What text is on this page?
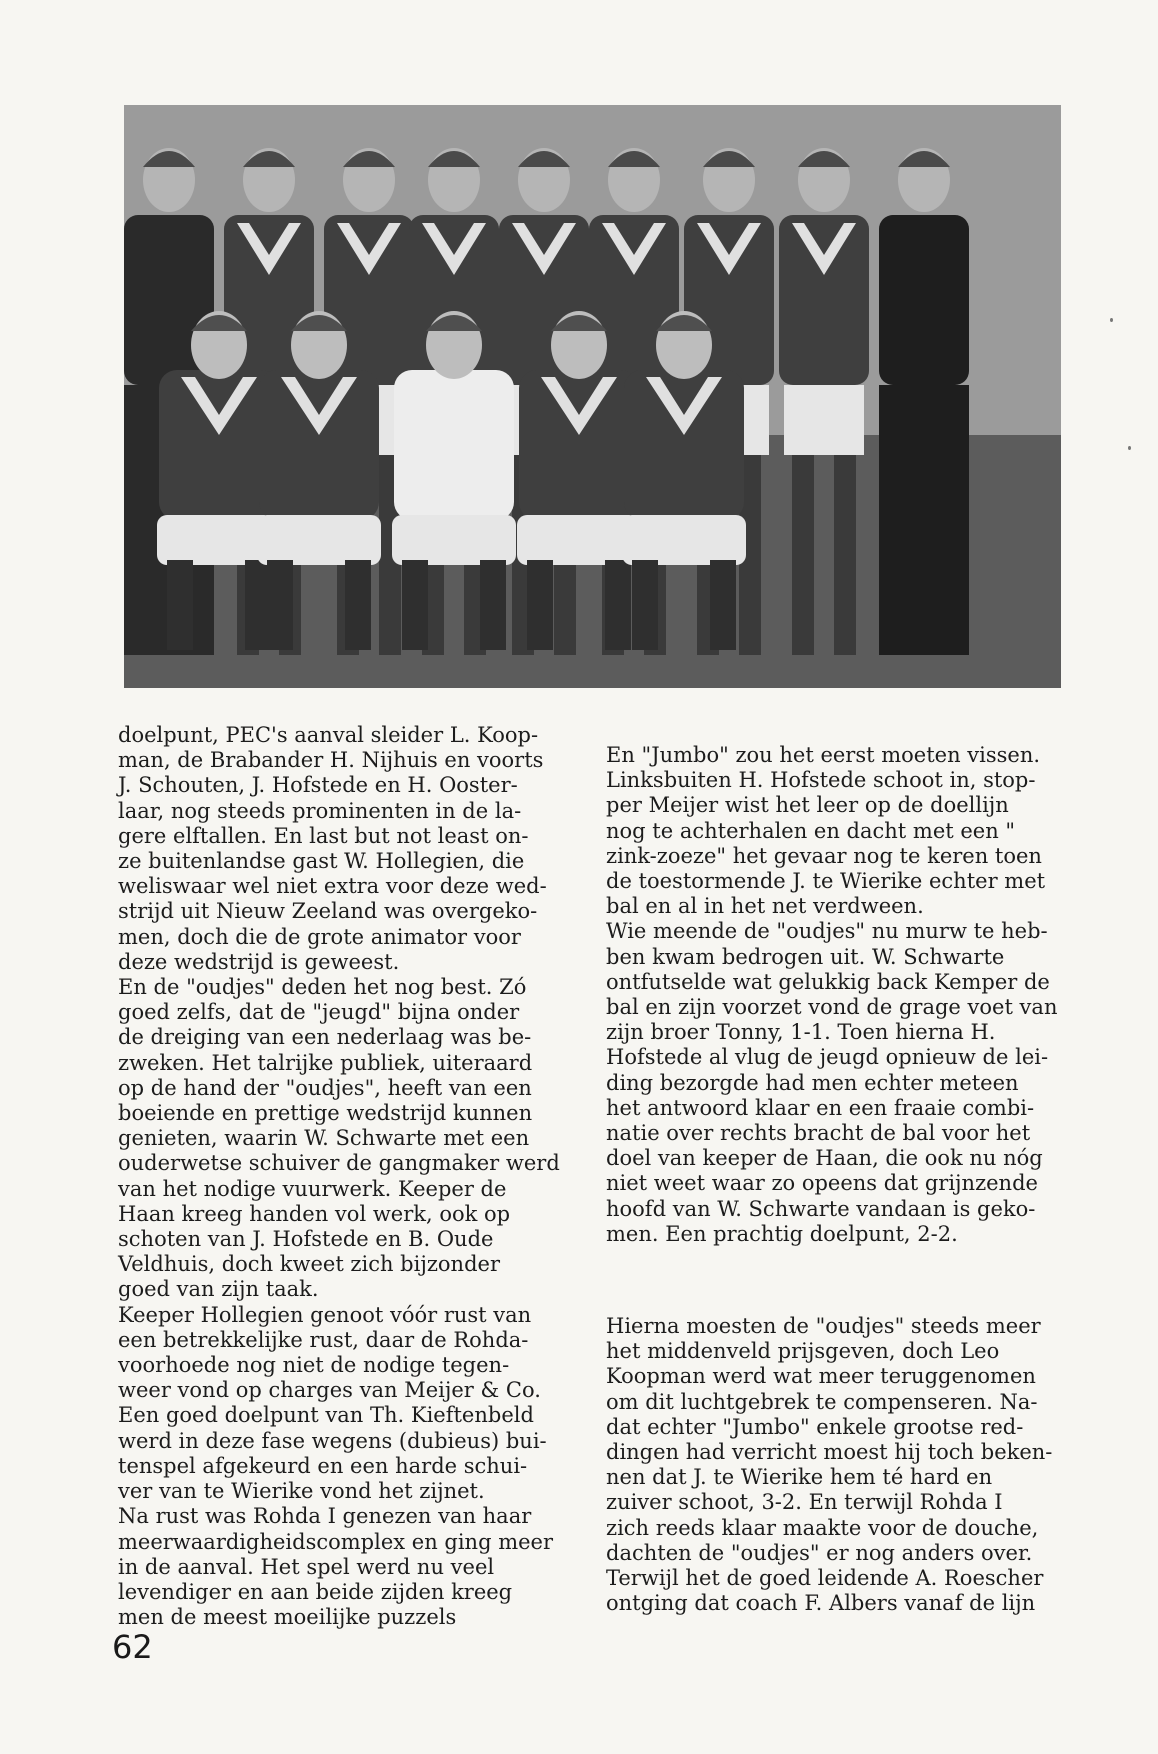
doelpunt, PEC's aanval sleider L. Koop-

man, de Brabander H. Nijhuis en voorts

J. Schouten, J. Hofstede en H. Ooster-

laar, nog steeds prominenten in de la-

gere elftallen. En last but not least on-

ze buitenlandse gast W. Hollegien, die

weliswaar wel niet extra voor deze wed-

strijd uit Nieuw Zeeland was overgeko-

men, doch die de grote animator voor

deze wedstrijd is geweest.

En de "oudjes" deden het nog best. Zó

goed zelfs, dat de "jeugd" bijna onder

de dreiging van een nederlaag was be-

zweken. Het talrijke publiek, uiteraard

op de hand der "oudjes", heeft van een

boeiende en prettige wedstrijd kunnen

genieten, waarin W. Schwarte met een

ouderwetse schuiver de gangmaker werd

van het nodige vuurwerk. Keeper de

Haan kreeg handen vol werk, ook op

schoten van J. Hofstede en B. Oude

Veldhuis, doch kweet zich bijzonder

goed van zijn taak.

Keeper Hollegien genoot vóór rust van

een betrekkelijke rust, daar de Rohda-

voorhoede nog niet de nodige tegen-

weer vond op charges van Meijer & Co.

Een goed doelpunt van Th. Kieftenbeld

werd in deze fase wegens (dubieus) bui-

tenspel afgekeurd en een harde schui-

ver van te Wierike vond het zijnet.

Na rust was Rohda I genezen van haar

meerwaardigheidscomplex en ging meer

in de aanval. Het spel werd nu veel

levendiger en aan beide zijden kreeg

men de meest moeilijke puzzels

En "Jumbo" zou het eerst moeten vissen.

Linksbuiten H. Hofstede schoot in, stop-

per Meijer wist het leer op de doellijn

nog te achterhalen en dacht met een "

zink-zoeze" het gevaar nog te keren toen

de toestormende J. te Wierike echter met

bal en al in het net verdween.

Wie meende de "oudjes" nu murw te heb-

ben kwam bedrogen uit. W. Schwarte

ontfutselde wat gelukkig back Kemper de

bal en zijn voorzet vond de grage voet van

zijn broer Tonny, 1-1. Toen hierna H.

Hofstede al vlug de jeugd opnieuw de lei-

ding bezorgde had men echter meteen

het antwoord klaar en een fraaie combi-

natie over rechts bracht de bal voor het

doel van keeper de Haan, die ook nu nóg

niet weet waar zo opeens dat grijnzende

hoofd van W. Schwarte vandaan is geko-

men. Een prachtig doelpunt, 2-2.

Hierna moesten de "oudjes" steeds meer

het middenveld prijsgeven, doch Leo

Koopman werd wat meer teruggenomen

om dit luchtgebrek te compenseren. Na-

dat echter "Jumbo" enkele grootse red-

dingen had verricht moest hij toch beken-

nen dat J. te Wierike hem té hard en

zuiver schoot, 3-2. En terwijl Rohda I

zich reeds klaar maakte voor de douche,

dachten de "oudjes" er nog anders over.

Terwijl het de goed leidende A. Roescher

ontging dat coach F. Albers vanaf de lijn

62
